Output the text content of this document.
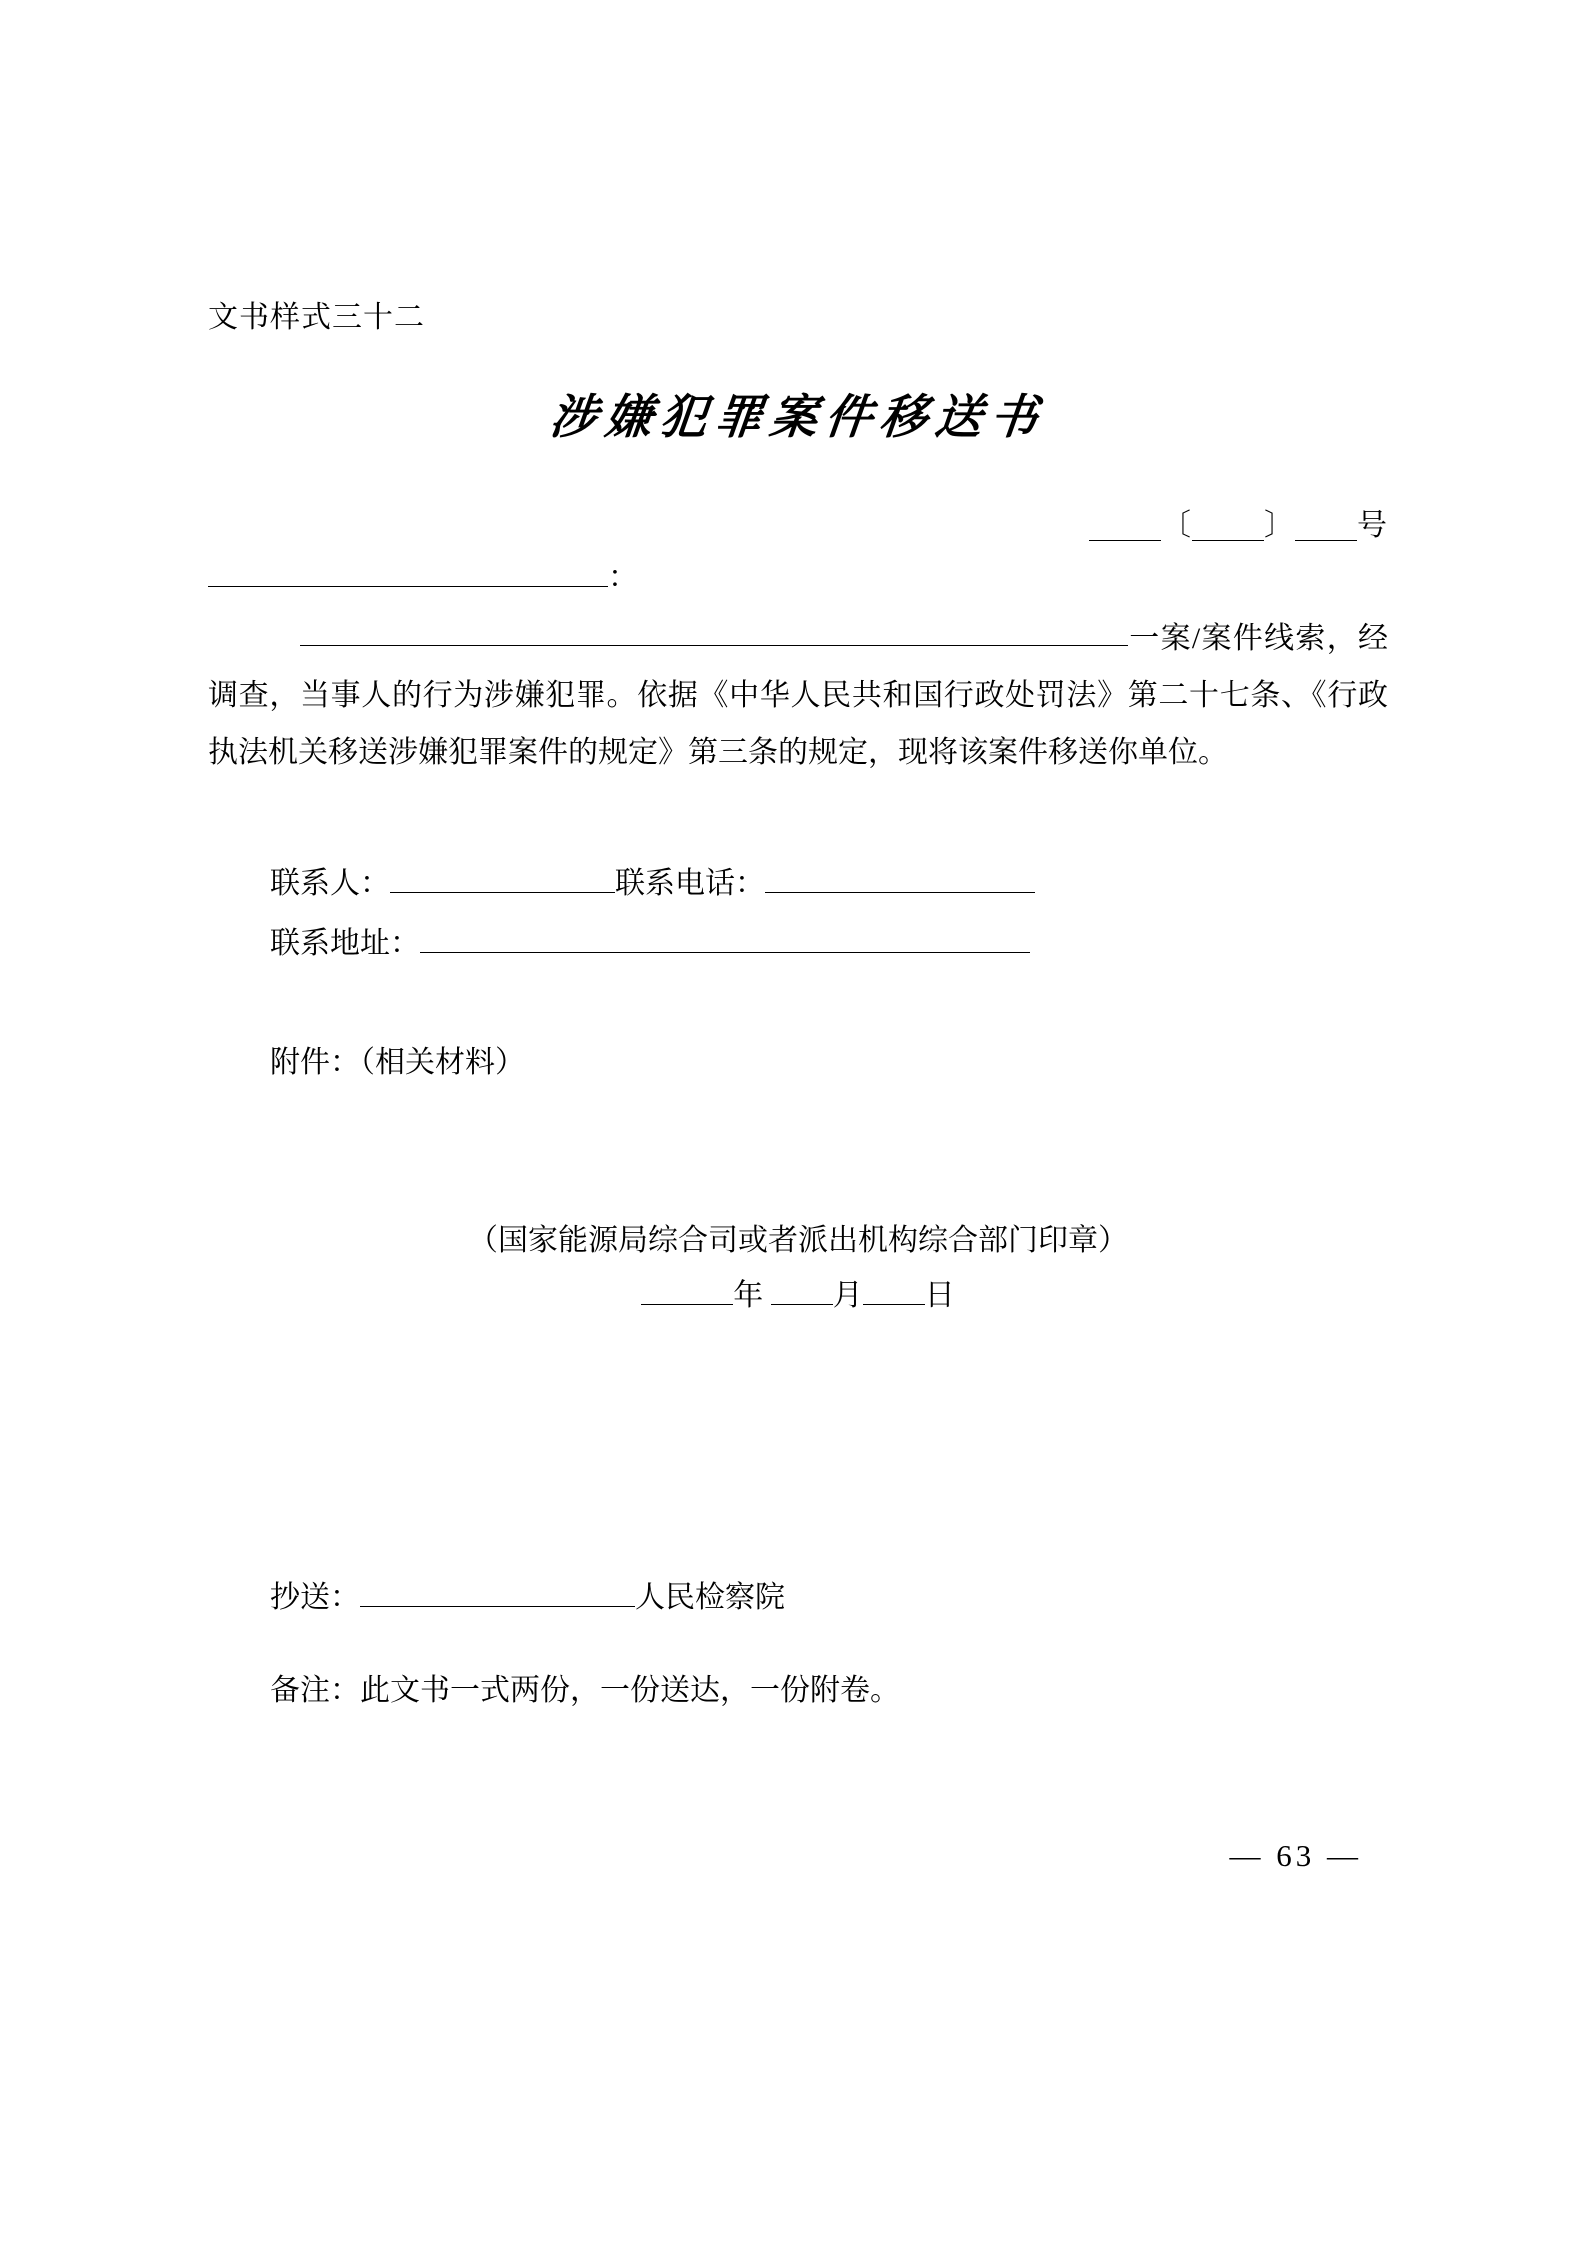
文书样式三十二
涉嫌犯罪案件移送书
〔 〕 号
：
一案/案件线索，经调查，当事人的行为涉嫌犯罪。依据《中华人民共和国行政处罚法》第二十七条、《行政执法机关移送涉嫌犯罪案件的规定》第三条的规定，现将该案件移送你单位。
联系人：	联系电话：
联系地址：
附件：（相关材料）
（国家能源局综合司或者派出机构综合部门印章）
年 月 日
抄送：	人民检察院
备注：此文书一式两份，一份送达，一份附卷。
— 63 —
